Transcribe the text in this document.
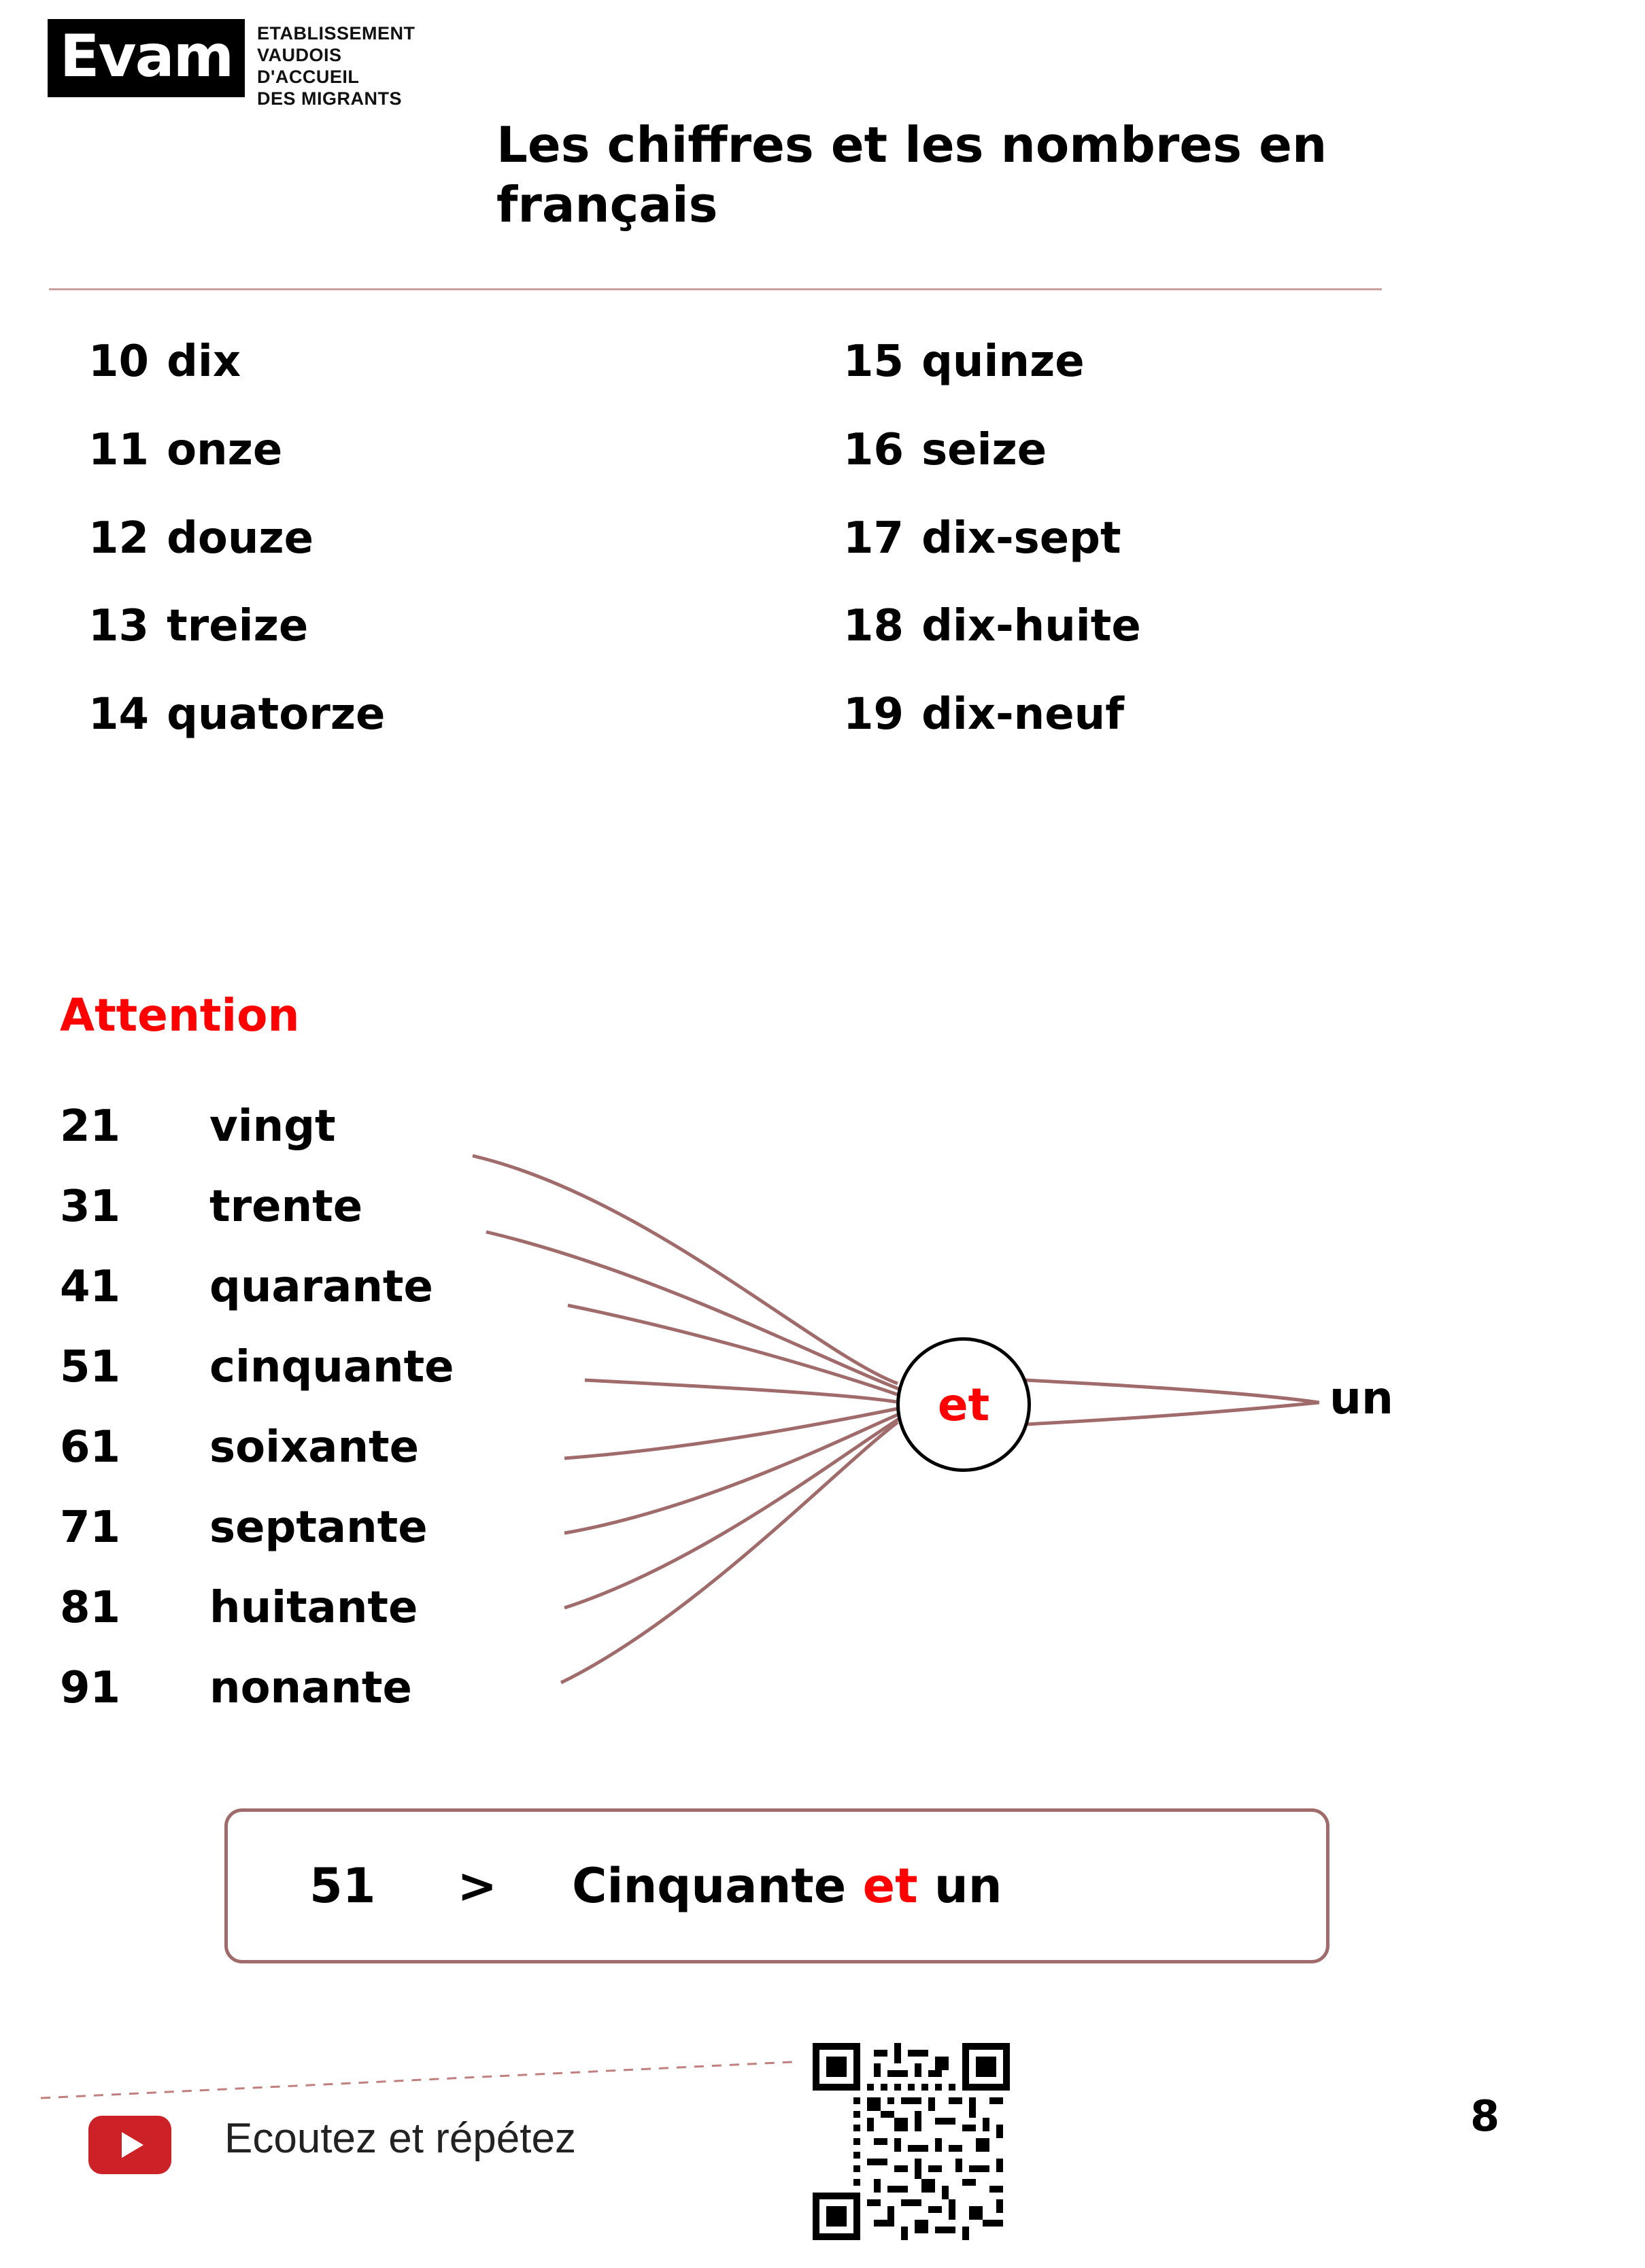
Evam ETABLISSEMENT
VAUDOIS
D'ACCUEIL
DES MIGRANTS
Les chiffres et les nombres en français
10 dix	15 quinze
11 onze	16 seize
12 douze	17 dix-sept
13 treize	18 dix-huite
14 quatorze	19 dix-neuf
Attention
21	vingt
31	trente
41	quarante
51	cinquante
61	soixante
71	septante
81	huitante
91	nonante
et	un
51 > Cinquante et un
Ecoutez et répétez	8
